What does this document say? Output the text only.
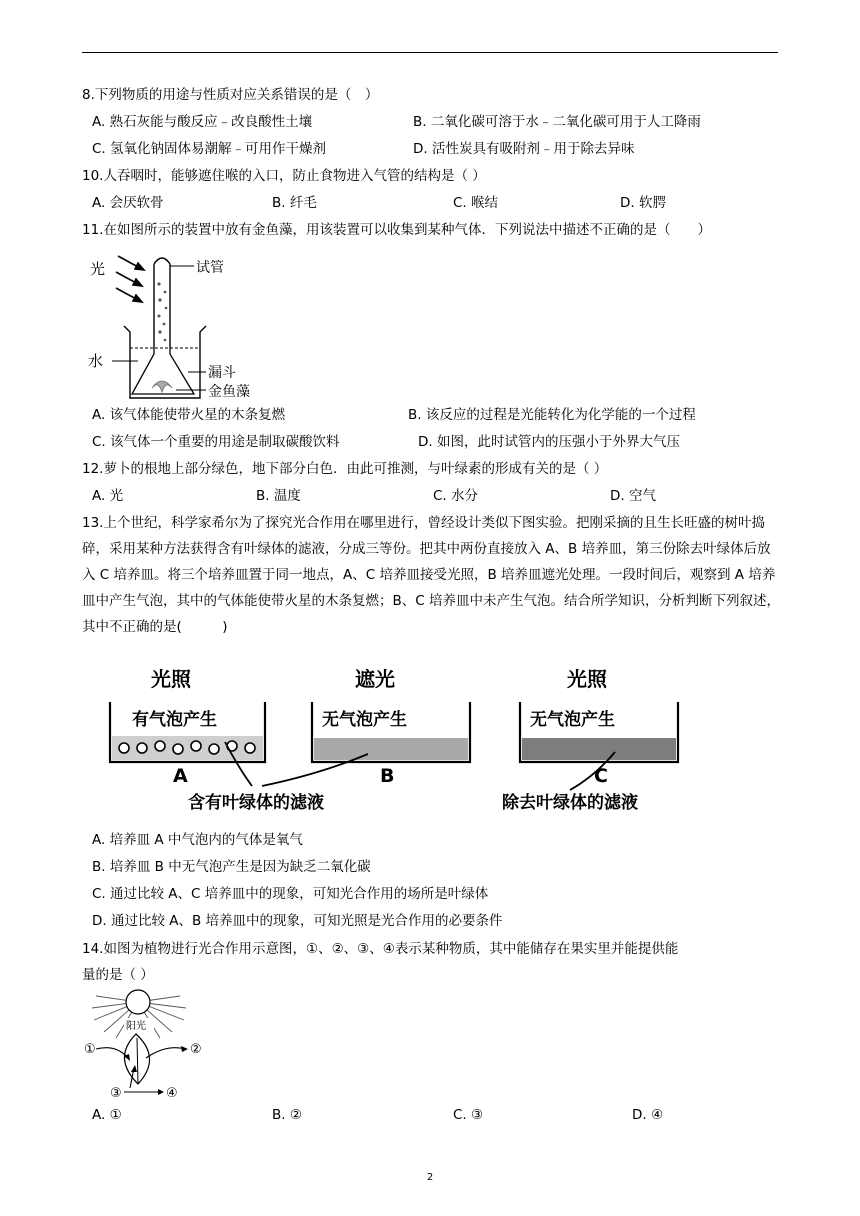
8.下列物质的用途与性质对应关系错误的是（　）
A. 熟石灰能与酸反应﹣改良酸性土壤	B. 二氧化碳可溶于水﹣二氧化碳可用于人工降雨
C. 氢氧化钠固体易潮解﹣可用作干燥剂	D. 活性炭具有吸附剂﹣用于除去异味
10.人吞咽时，能够遮住喉的入口，防止食物进入气管的结构是（ ）
A. 会厌软骨	B. 纤毛	C. 喉结	D. 软腭
11.在如图所示的装置中放有金鱼藻，用该装置可以收集到某种气体．下列说法中描述不正确的是（　　）
光	试管
水
漏斗
金鱼藻
A. 该气体能使带火星的木条复燃	B. 该反应的过程是光能转化为化学能的一个过程
C. 该气体一个重要的用途是制取碳酸饮料	D. 如图，此时试管内的压强小于外界大气压
12.萝卜的根地上部分绿色，地下部分白色．由此可推测，与叶绿素的形成有关的是（ ）
A. 光	B. 温度	C. 水分	D. 空气
13.上个世纪，科学家希尔为了探究光合作用在哪里进行，曾经设计类似下图实验。把刚采摘的且生长旺盛的树叶捣碎，采用某种方法获得含有叶绿体的滤液，分成三等份。把其中两份直接放入 A、B 培养皿，第三份除去叶绿体后放入 C 培养皿。将三个培养皿置于同一地点，A、C 培养皿接受光照，B 培养皿遮光处理。一段时间后，观察到 A 培养皿中产生气泡，其中的气体能使带火星的木条复燃；B、C 培养皿中未产生气泡。结合所学知识，分析判断下列叙述，其中不正确的是(　　　)
光照	遮光	光照
有气泡产生
A
无气泡产生
B
无气泡产生
C
含有叶绿体的滤液	除去叶绿体的滤液
A. 培养皿 A 中气泡内的气体是氧气
B. 培养皿 B 中无气泡产生是因为缺乏二氧化碳
C. 通过比较 A、C 培养皿中的现象，可知光合作用的场所是叶绿体
D. 通过比较 A、B 培养皿中的现象，可知光照是光合作用的必要条件
14.如图为植物进行光合作用示意图，①、②、③、④表示某种物质，其中能储存在果实里并能提供能
量的是（ ）
阳光
①	②
③	④
A. ①	B. ②	C. ③	D. ④
2
